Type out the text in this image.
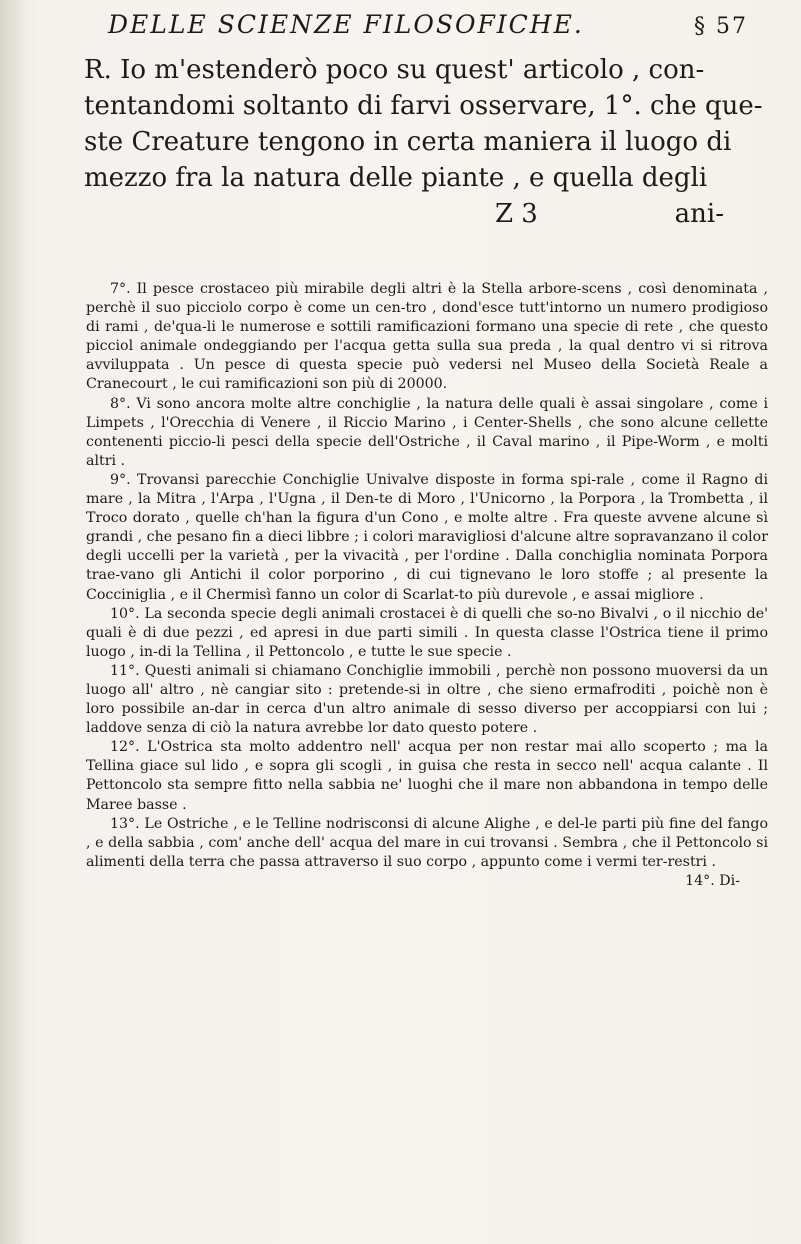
DELLE SCIENZE FILOSOFICHE.	§ 57
R. Io m'estenderò poco su quest' articolo , con-
tentandomi soltanto di farvi osservare, 1°. che que-
ste Creature tengono in certa maniera il luogo di
mezzo fra la natura delle piante , e quella degli
Z 3	ani-

7°. Il pesce crostaceo più mirabile degli altri è la Stella arbore-scens , così denominata , perchè il suo picciolo corpo è come un cen-tro , dond'esce tutt'intorno un numero prodigioso di rami , de'qua-li le numerose e sottili ramificazioni formano una specie di rete , che questo picciol animale ondeggiando per l'acqua getta sulla sua preda , la qual dentro vi si ritrova avviluppata . Un pesce di questa specie può vedersi nel Museo della Società Reale a Cranecourt , le cui ramificazioni son più di 20000.

8°. Vi sono ancora molte altre conchiglie , la natura delle quali è assai singolare , come i Limpets , l'Orecchia di Venere , il Riccio Marino , i Center-Shells , che sono alcune cellette contenenti piccio-li pesci della specie dell'Ostriche , il Caval marino , il Pipe-Worm , e molti altri .

9°. Trovansi parecchie Conchiglie Univalve disposte in forma spi-rale , come il Ragno di mare , la Mitra , l'Arpa , l'Ugna , il Den-te di Moro , l'Unicorno , la Porpora , la Trombetta , il Troco dorato , quelle ch'han la figura d'un Cono , e molte altre . Fra queste avvene alcune sì grandi , che pesano fin a dieci libbre ; i colori maravigliosi d'alcune altre sopravanzano il color degli uccelli per la varietà , per la vivacità , per l'ordine . Dalla conchiglia nominata Porpora trae-vano gli Antichi il color porporino , di cui tignevano le loro stoffe ; al presente la Cocciniglia , e il Chermisì fanno un color di Scarlat-to più durevole , e assai migliore .

10°. La seconda specie degli animali crostacei è di quelli che so-no Bivalvi , o il nicchio de' quali è di due pezzi , ed apresi in due parti simili . In questa classe l'Ostrica tiene il primo luogo , in-di la Tellina , il Pettoncolo , e tutte le sue specie .

11°. Questi animali si chiamano Conchiglie immobili , perchè non possono muoversi da un luogo all' altro , nè cangiar sito : pretende-si in oltre , che sieno ermafroditi , poichè non è loro possibile an-dar in cerca d'un altro animale di sesso diverso per accoppiarsi con lui ; laddove senza di ciò la natura avrebbe lor dato questo potere .

12°. L'Ostrica sta molto addentro nell' acqua per non restar mai allo scoperto ; ma la Tellina giace sul lido , e sopra gli scogli , in guisa che resta in secco nell' acqua calante . Il Pettoncolo sta sempre fitto nella sabbia ne' luoghi che il mare non abbandona in tempo delle Maree basse .

13°. Le Ostriche , e le Telline nodrisconsi di alcune Alighe , e del-le parti più fine del fango , e della sabbia , com' anche dell' acqua del mare in cui trovansi . Sembra , che il Pettoncolo si alimenti della terra che passa attraverso il suo corpo , appunto come i vermi ter-restri .

14°. Di-
